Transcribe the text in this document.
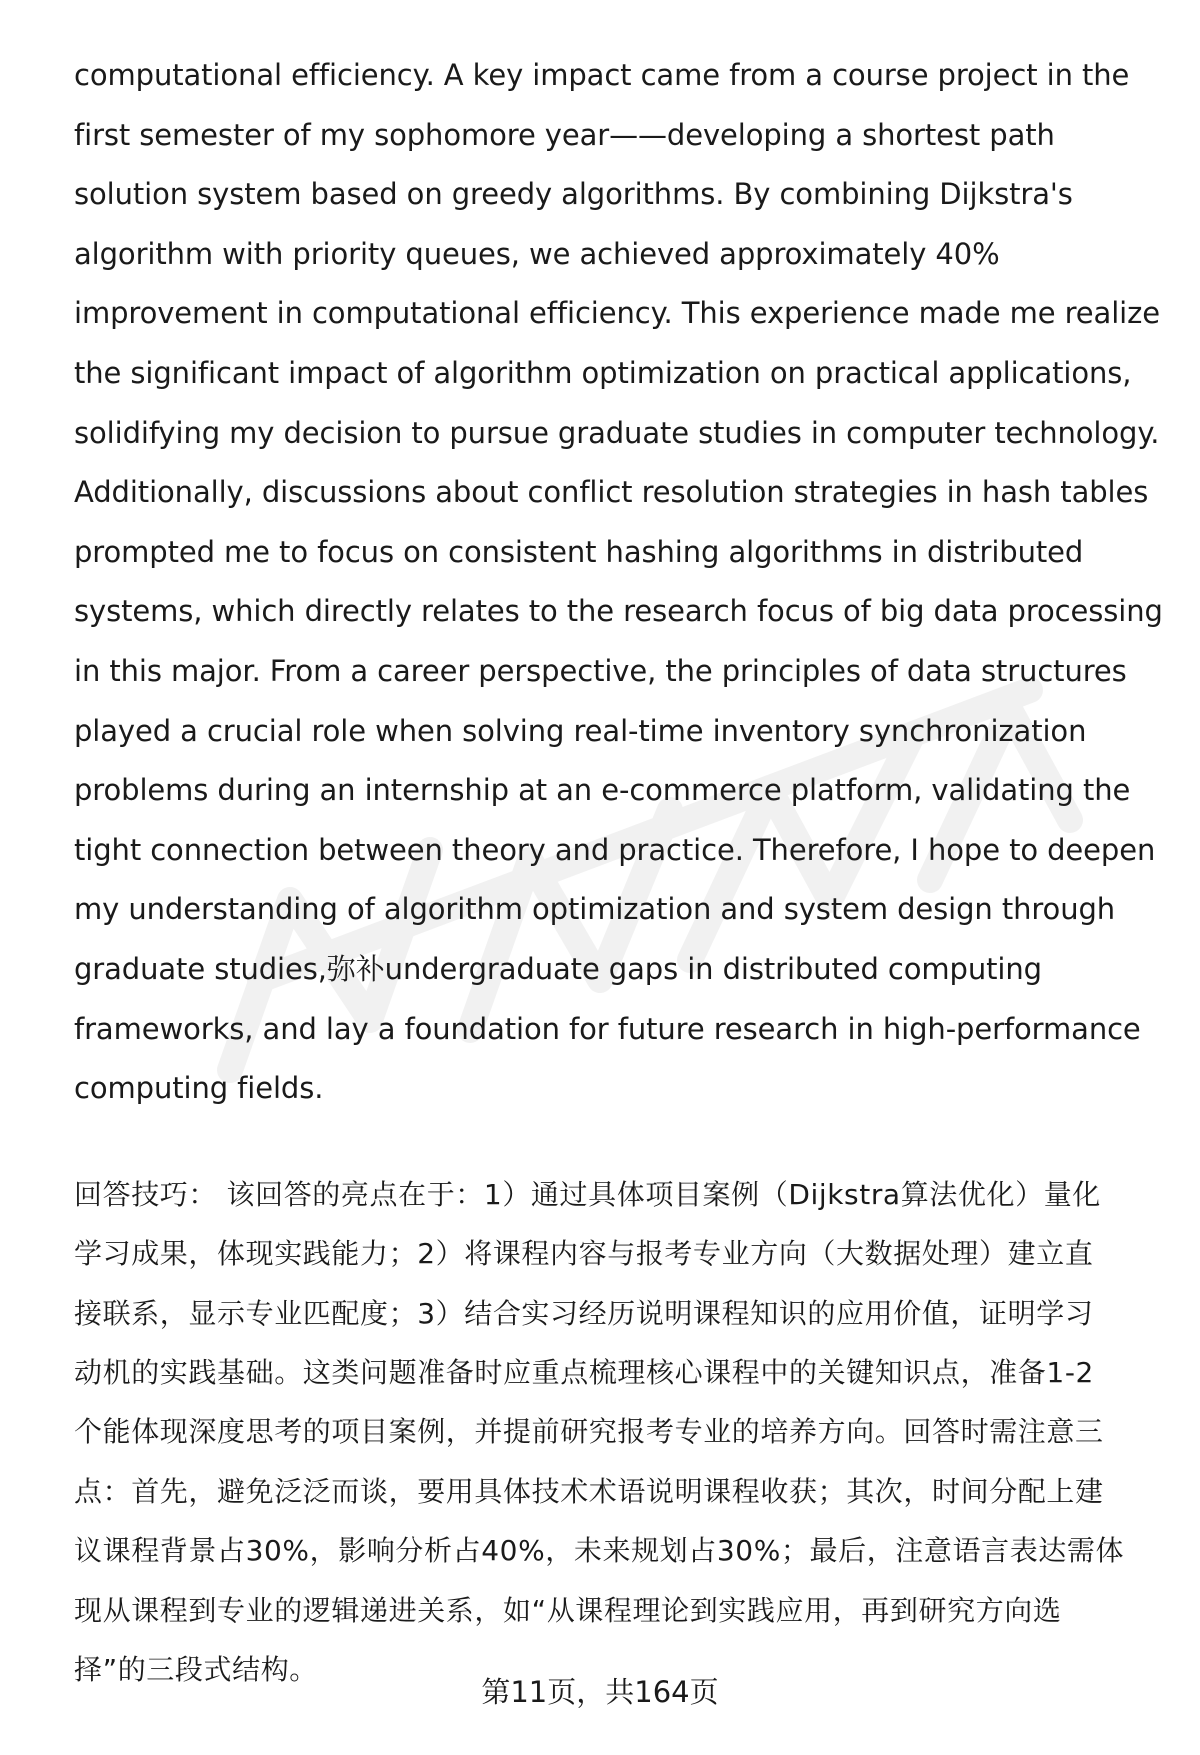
computational efficiency. A key impact came from a course project in the
first semester of my sophomore year——developing a shortest path
solution system based on greedy algorithms. By combining Dijkstra's
algorithm with priority queues, we achieved approximately 40%
improvement in computational efficiency. This experience made me realize
the significant impact of algorithm optimization on practical applications,
solidifying my decision to pursue graduate studies in computer technology.
Additionally, discussions about conflict resolution strategies in hash tables
prompted me to focus on consistent hashing algorithms in distributed
systems, which directly relates to the research focus of big data processing
in this major. From a career perspective, the principles of data structures
played a crucial role when solving real-time inventory synchronization
problems during an internship at an e-commerce platform, validating the
tight connection between theory and practice. Therefore, I hope to deepen
my understanding of algorithm optimization and system design through
graduate studies,弥补undergraduate gaps in distributed computing
frameworks, and lay a foundation for future research in high-performance
computing fields.
回答技巧： 该回答的亮点在于：1）通过具体项目案例（Dijkstra算法优化）量化
学习成果，体现实践能力；2）将课程内容与报考专业方向（大数据处理）建立直
接联系，显示专业匹配度；3）结合实习经历说明课程知识的应用价值，证明学习
动机的实践基础。这类问题准备时应重点梳理核心课程中的关键知识点，准备1-2
个能体现深度思考的项目案例，并提前研究报考专业的培养方向。回答时需注意三
点：首先，避免泛泛而谈，要用具体技术术语说明课程收获；其次，时间分配上建
议课程背景占30%，影响分析占40%，未来规划占30%；最后，注意语言表达需体
现从课程到专业的逻辑递进关系，如“从课程理论到实践应用，再到研究方向选
择”的三段式结构。
第11页，共164页
